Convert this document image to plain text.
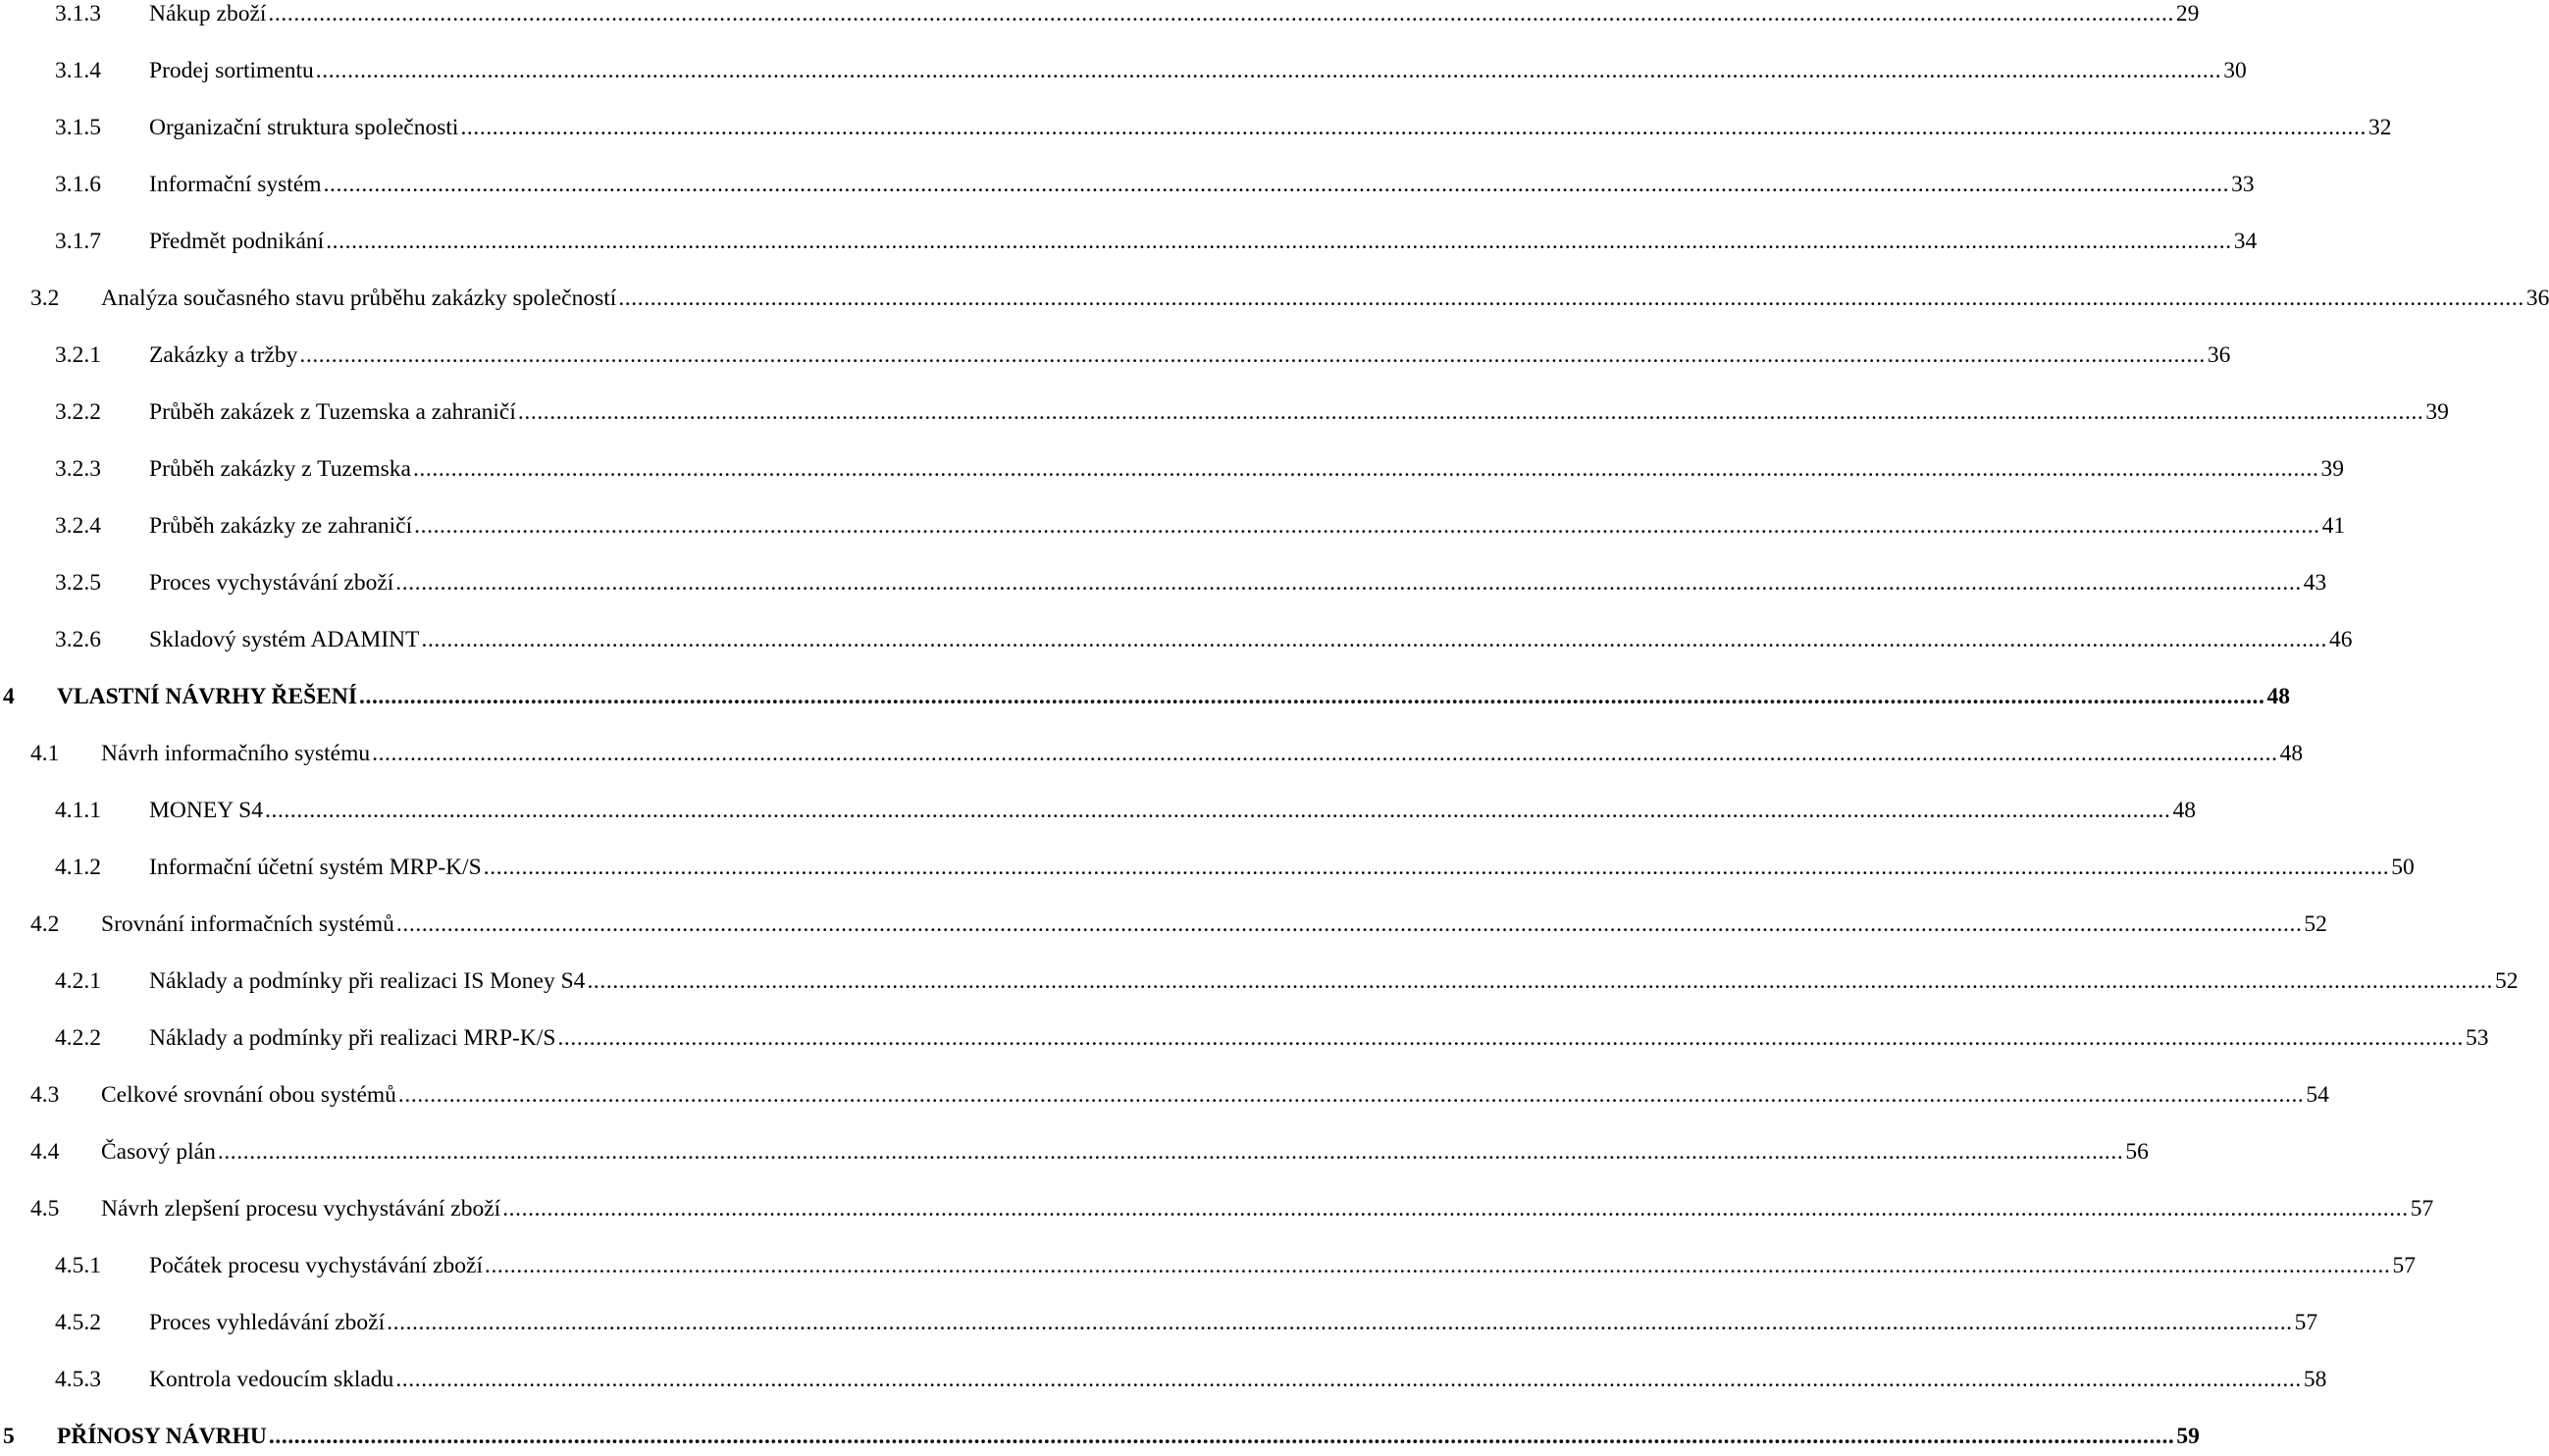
3.1.3 Nákup zboží ............................................................................................................................................................................................................................................................................................................ 29
3.1.4 Prodej sortimentu ............................................................................................................................................................................................................................................................................................................ 30
3.1.5 Organizační struktura společnosti ............................................................................................................................................................................................................................................................................................................ 32
3.1.6 Informační systém ............................................................................................................................................................................................................................................................................................................ 33
3.1.7 Předmět podnikání ............................................................................................................................................................................................................................................................................................................ 34
3.2 Analýza současného stavu průběhu zakázky společností ............................................................................................................................................................................................................................................................................................................ 36
3.2.1 Zakázky a tržby ............................................................................................................................................................................................................................................................................................................ 36
3.2.2 Průběh zakázek z Tuzemska a zahraničí ............................................................................................................................................................................................................................................................................................................ 39
3.2.3 Průběh zakázky z Tuzemska ............................................................................................................................................................................................................................................................................................................ 39
3.2.4 Průběh zakázky ze zahraničí ............................................................................................................................................................................................................................................................................................................ 41
3.2.5 Proces vychystávání zboží ............................................................................................................................................................................................................................................................................................................ 43
3.2.6 Skladový systém ADAMINT ............................................................................................................................................................................................................................................................................................................ 46
4 VLASTNÍ NÁVRHY ŘEŠENÍ ............................................................................................................................................................................................................................................................................................................ 48
4.1 Návrh informačního systému ............................................................................................................................................................................................................................................................................................................ 48
4.1.1 MONEY S4 ............................................................................................................................................................................................................................................................................................................ 48
4.1.2 Informační účetní systém MRP-K/S ............................................................................................................................................................................................................................................................................................................ 50
4.2 Srovnání informačních systémů ............................................................................................................................................................................................................................................................................................................ 52
4.2.1 Náklady a podmínky při realizaci IS Money S4 ............................................................................................................................................................................................................................................................................................................ 52
4.2.2 Náklady a podmínky při realizaci MRP-K/S ............................................................................................................................................................................................................................................................................................................ 53
4.3 Celkové srovnání obou systémů ............................................................................................................................................................................................................................................................................................................ 54
4.4 Časový plán ............................................................................................................................................................................................................................................................................................................ 56
4.5 Návrh zlepšení procesu vychystávání zboží ............................................................................................................................................................................................................................................................................................................ 57
4.5.1 Počátek procesu vychystávání zboží ............................................................................................................................................................................................................................................................................................................ 57
4.5.2 Proces vyhledávání zboží ............................................................................................................................................................................................................................................................................................................ 57
4.5.3 Kontrola vedoucím skladu ............................................................................................................................................................................................................................................................................................................ 58
5 PŘÍNOSY NÁVRHU ............................................................................................................................................................................................................................................................................................................ 59
